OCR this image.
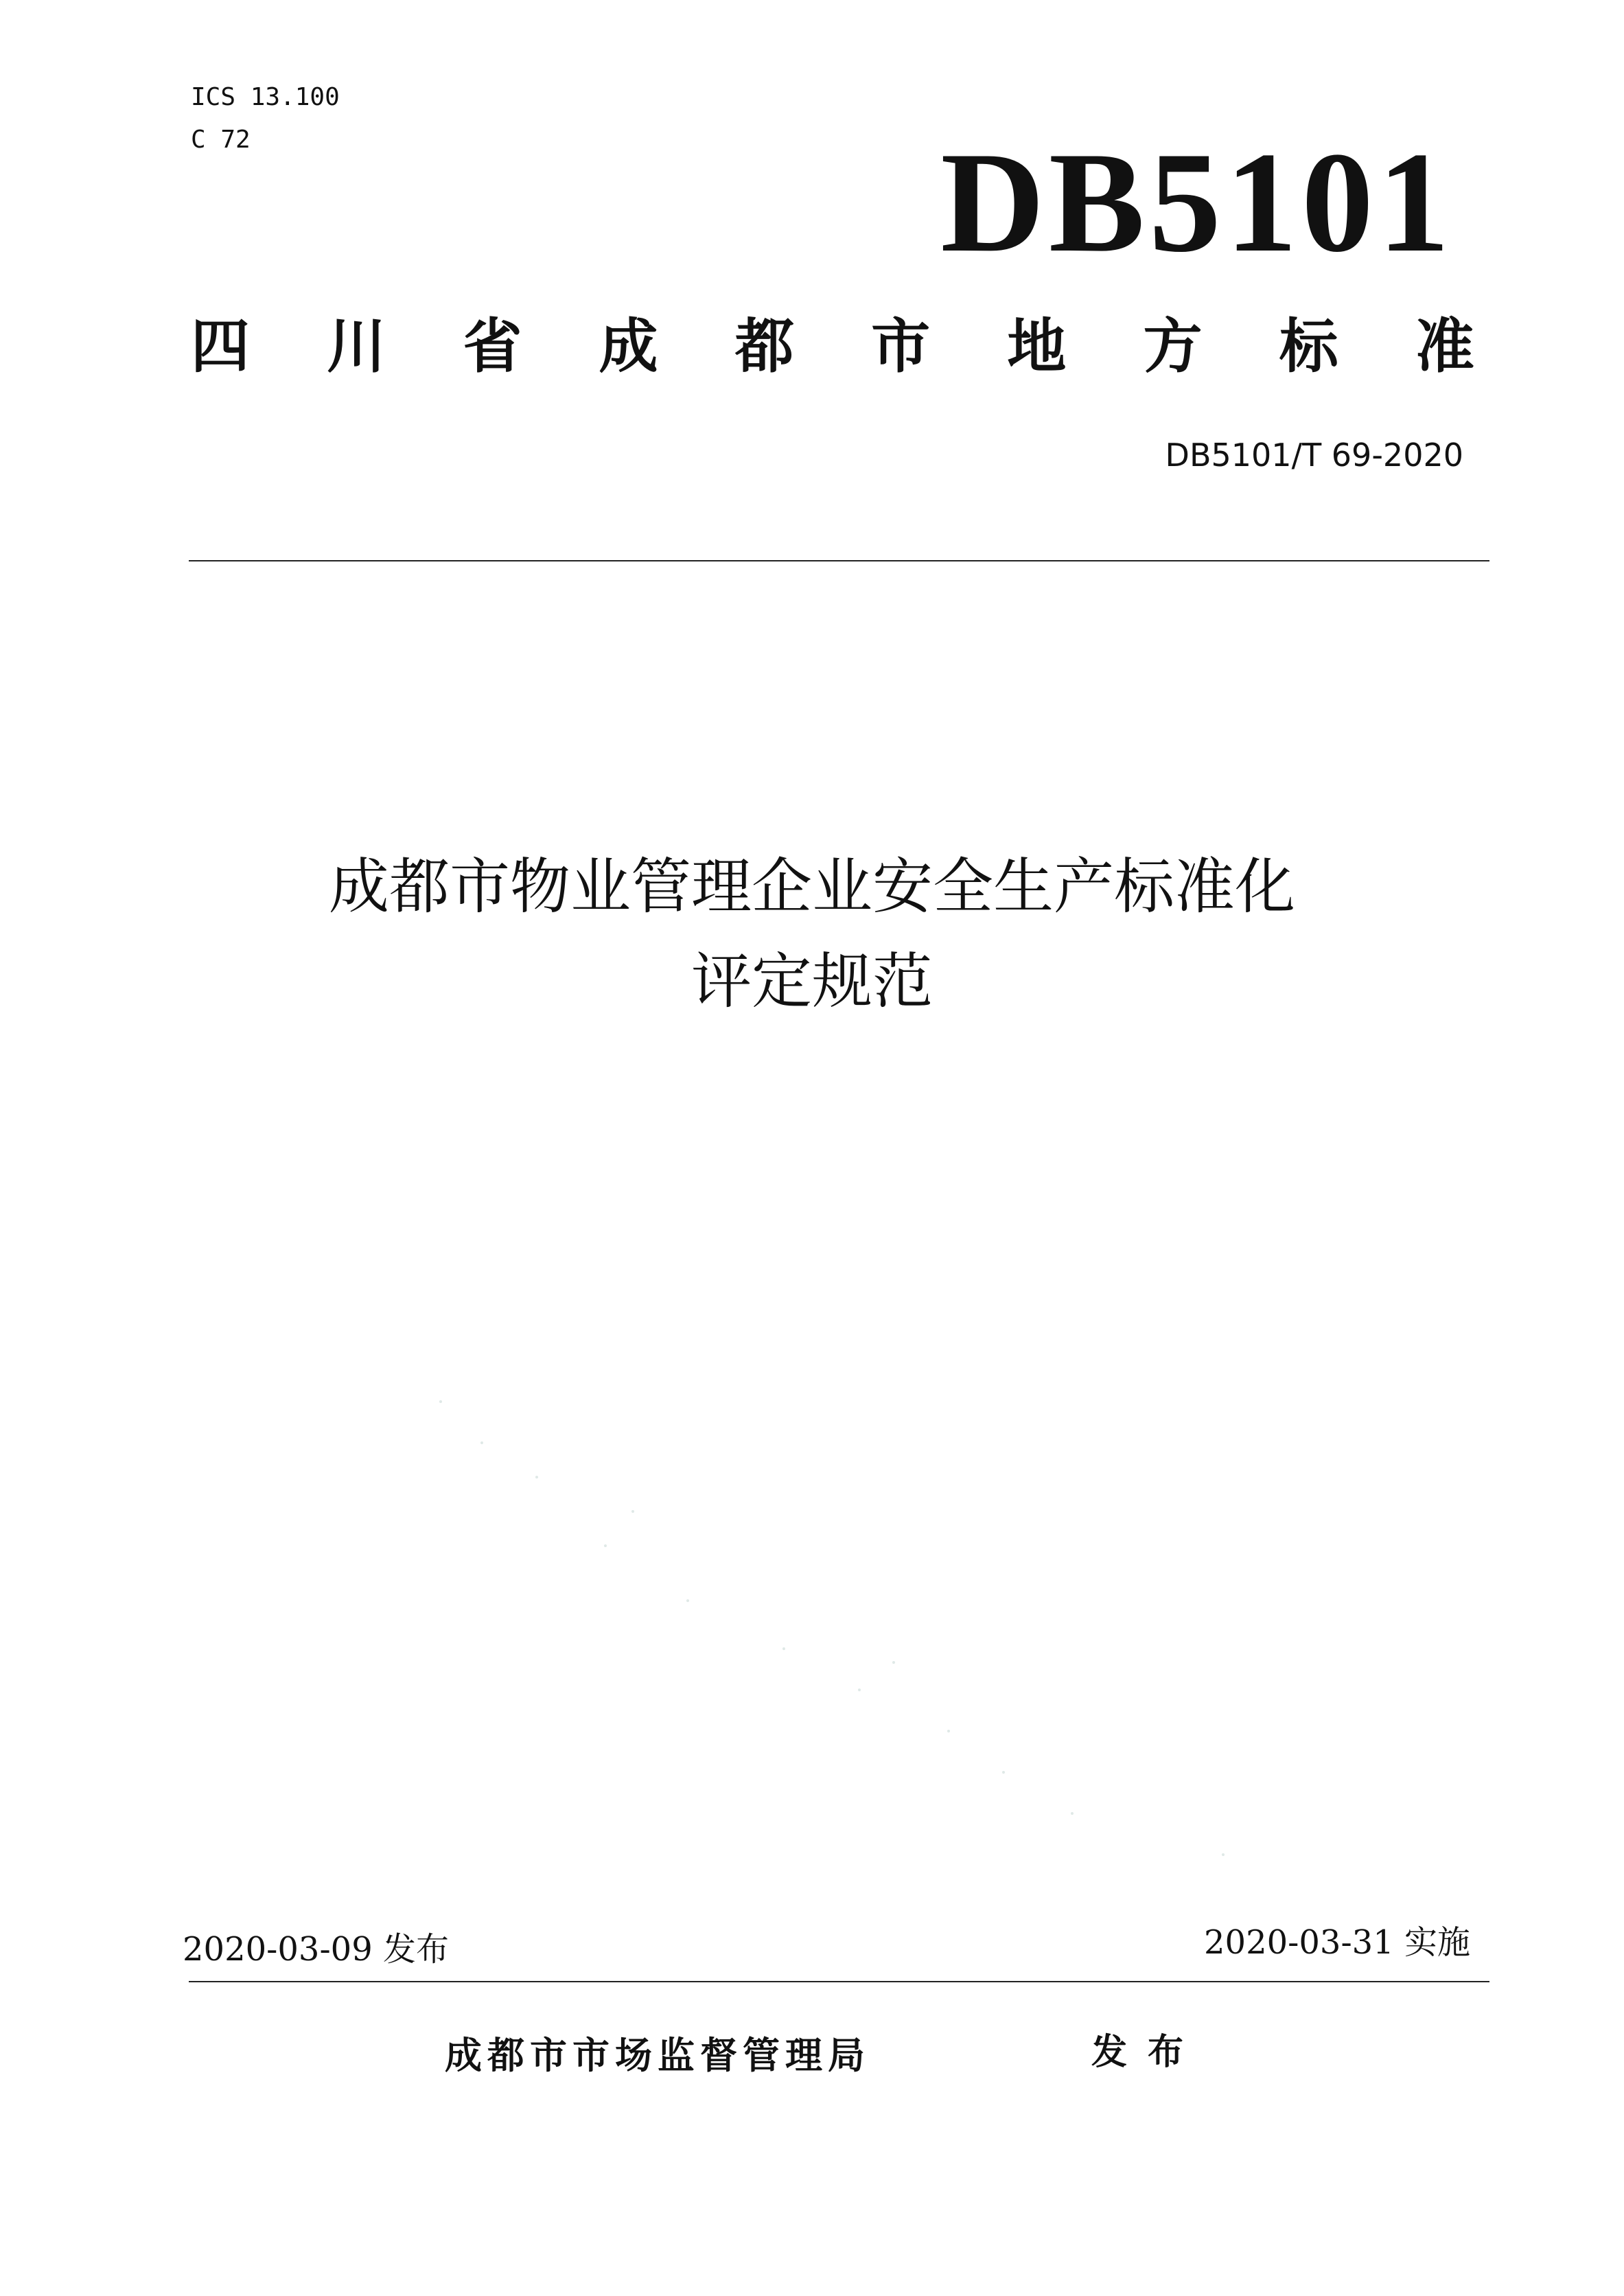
ICS 13.100
C 72	DB5101
四 川 省 成 都 市 地 方 标 准
DB5101/T 69-2020
成都市物业管理企业安全生产标准化
评定规范
2020-03-09 发布	2020-03-31 实施
成都市市场监督管理局	发布
